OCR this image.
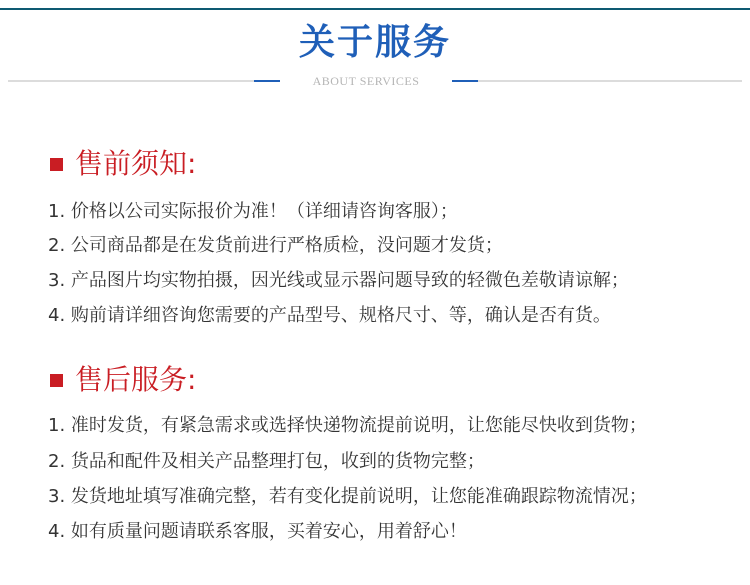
关于服务
ABOUT SERVICES
售前须知:
1. 价格以公司实际报价为准！（详细请咨询客服）；
2. 公司商品都是在发货前进行严格质检，没问题才发货；
3. 产品图片均实物拍摄，因光线或显示器问题导致的轻微色差敬请谅解；
4. 购前请详细咨询您需要的产品型号、规格尺寸、等，确认是否有货。
售后服务:
1. 准时发货，有紧急需求或选择快递物流提前说明，让您能尽快收到货物；
2. 货品和配件及相关产品整理打包，收到的货物完整；
3. 发货地址填写准确完整，若有变化提前说明，让您能准确跟踪物流情况；
4. 如有质量问题请联系客服，买着安心，用着舒心！
